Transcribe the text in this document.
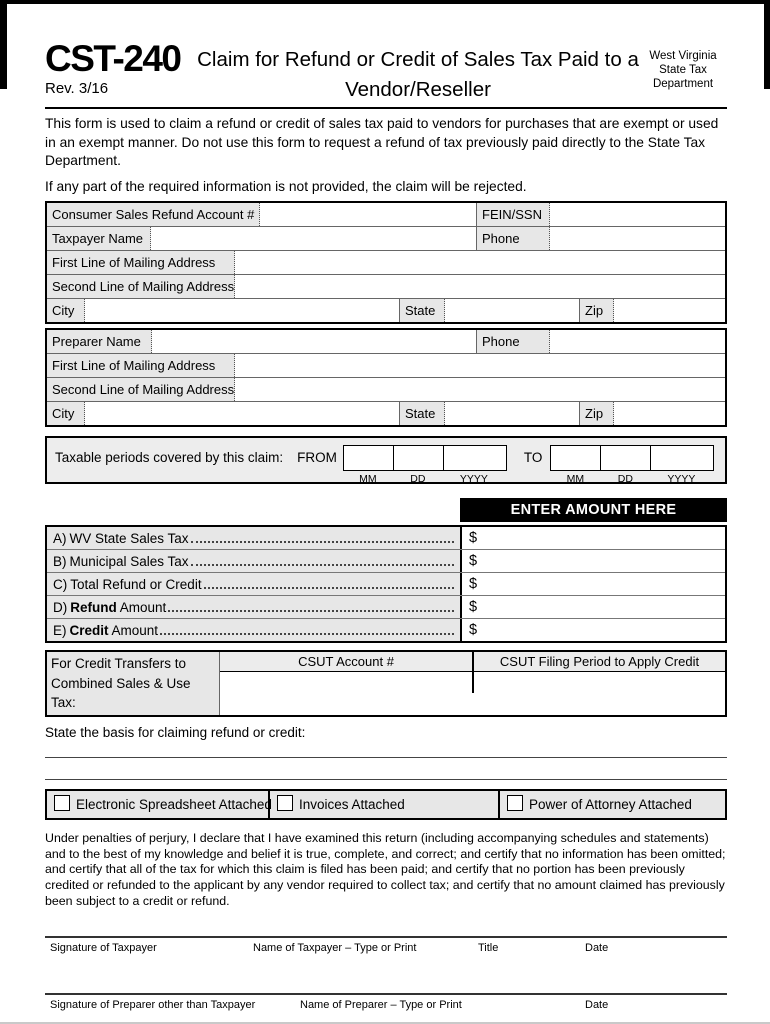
CST-240
Rev. 3/16
Claim for Refund or Credit of Sales Tax Paid to a
Vendor/Reseller
West Virginia
State Tax
Department
This form is used to claim a refund or credit of sales tax paid to vendors for purchases that are exempt or used in an exempt manner. Do not use this form to request a refund of tax previously paid directly to the State Tax Department.
If any part of the required information is not provided, the claim will be rejected.
Consumer Sales Refund Account #	FEIN/SSN
Taxpayer Name	Phone
First Line of Mailing Address
Second Line of Mailing Address
City	State	Zip
Preparer Name	Phone
First Line of Mailing Address
Second Line of Mailing Address
City	State	Zip
Taxable periods covered by this claim: FROM
MM	DD	YYYY
TO
MM	DD	YYYY
ENTER AMOUNT HERE
A) WV State Sales Tax	$
B) Municipal Sales Tax	$
C) Total Refund or Credit	$
D) Refund Amount	$
E) Credit Amount	$
For Credit Transfers to
Combined Sales & Use Tax:
CSUT Account #	CSUT Filing Period to Apply Credit
State the basis for claiming refund or credit:
Electronic Spreadsheet Attached Invoices Attached	Power of Attorney Attached
Under penalties of perjury, I declare that I have examined this return (including accompanying schedules and statements) and to the best of my knowledge and belief it is true, complete, and correct; and certify that no information has been omitted; and certify that all of the tax for which this claim is filed has been paid; and certify that no portion has been previously credited or refunded to the applicant by any vendor required to collect tax; and certify that no amount claimed has previously been subject to a credit or refund.
Signature of Taxpayer	Name of Taxpayer – Type or Print	Title	Date
Signature of Preparer other than Taxpayer	Name of Preparer – Type or Print	Date
